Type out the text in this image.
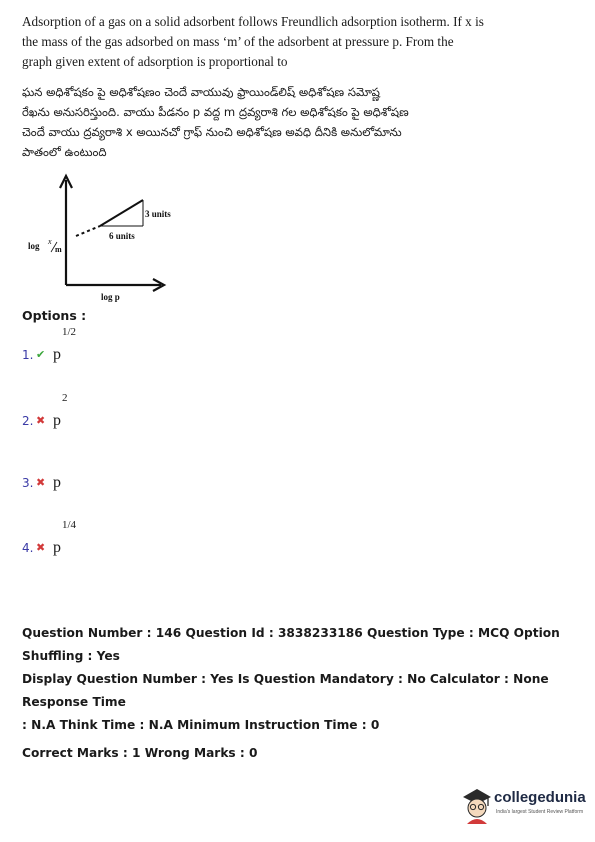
Adsorption of a gas on a solid adsorbent follows Freundlich adsorption isotherm. If x is

the mass of the gas adsorbed on mass ‘m’ of the adsorbent at pressure p. From the

graph given extent of adsorption is proportional to

ఘన అధిశోషకం పై అధిశోషణం చెందే వాయువు ఫ్రాయిండ్‌లిష్ అధిశోషణ సమోష్ణ

రేఖను అనుసరిస్తుంది. వాయు పీడనం p వద్ద m ద్రవ్యరాశి గల అధిశోషకం పై అధిశోషణ

చెందే వాయు ద్రవ్యరాశి x అయినచో గ్రాఫ్ నుంచి అధిశోషణ అవధి దీనికి అనులోమాను

పాతంలో ఉంటుంది

6 units
3 units
log x
m
log p
Options :
1. ✔ p
1/2
2. ✖ p
2
3. ✖ p
4. ✖ p
1/4

Question Number : 146 Question Id : 3838233186 Question Type : MCQ Option Shuffling : Yes

Display Question Number : Yes Is Question Mandatory : No Calculator : None Response Time

: N.A Think Time : N.A Minimum Instruction Time : 0

Correct Marks : 1 Wrong Marks : 0

collegedunia
India's largest Student Review Platform
